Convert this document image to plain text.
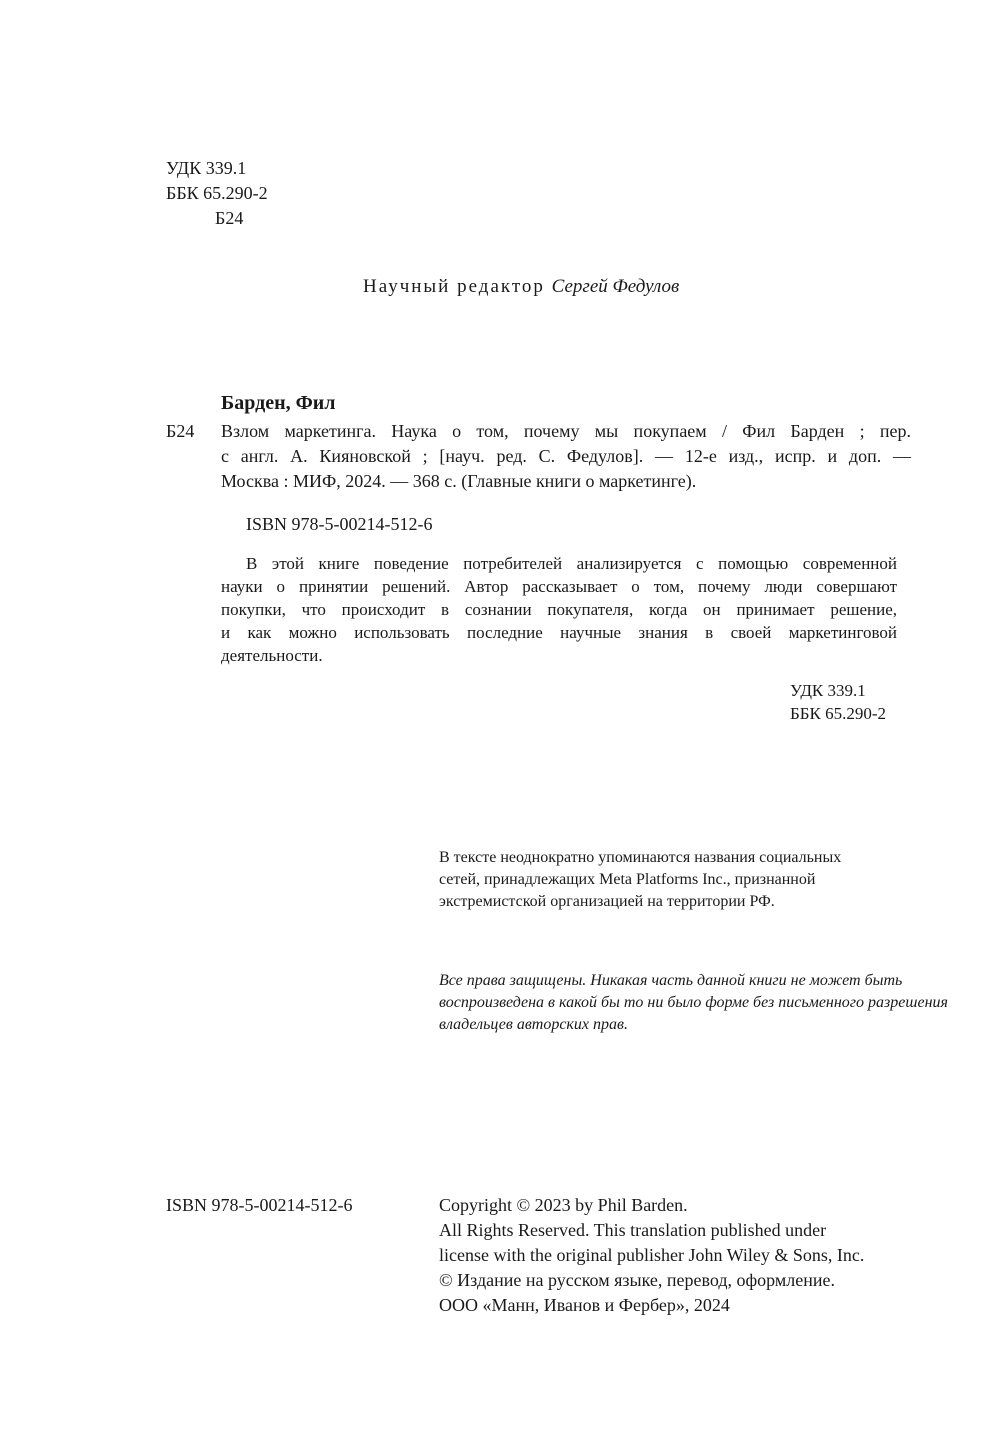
УДК 339.1
ББК 65.290-2
Б24
Научный редактор Сергей Федулов
Барден, Фил
Б24 Взлом маркетинга. Наука о том, почему мы покупаем / Фил Барден ; пер.
с англ. А. Кияновской ; [науч. ред. С. Федулов]. — 12-е изд., испр. и доп. —
Москва : МИФ, 2024. — 368 с. (Главные книги о маркетинге).
ISBN 978-5-00214-512-6
В этой книге поведение потребителей анализируется с помощью современной
науки о принятии решений. Автор рассказывает о том, почему люди совершают
покупки, что происходит в сознании покупателя, когда он принимает решение,
и как можно использовать последние научные знания в своей маркетинговой
деятельности.
УДК 339.1
ББК 65.290-2
В тексте неоднократно упоминаются названия социальных
сетей, принадлежащих Meta Platforms Inc., признанной
экстремистской организацией на территории РФ.
Все права защищены. Никакая часть данной книги не может быть
воспроизведена в какой бы то ни было форме без письменного разрешения
владельцев авторских прав.
ISBN 978-5-00214-512-6	Copyright © 2023 by Phil Barden.
All Rights Reserved. This translation published under
license with the original publisher John Wiley & Sons, Inc.
© Издание на русском языке, перевод, оформление.
ООО «Манн, Иванов и Фербер», 2024
